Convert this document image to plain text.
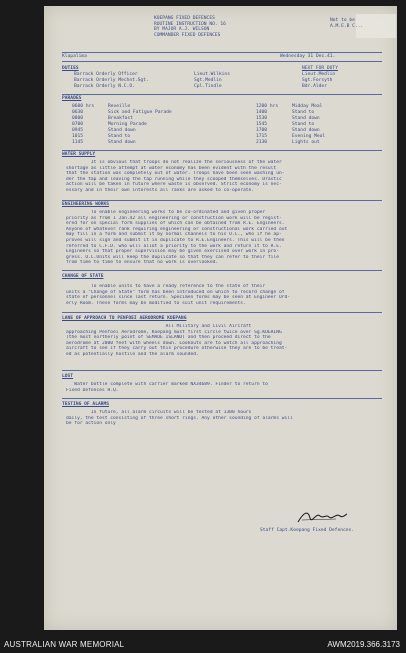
KOEPANG FIXED DEFENCES
ROUTINE INSTRUCTION NO. 16
BY MAJOR A.J. WILSON
COMMANDER FIXED DEFENCES
Not to be
A.M.E.B C...
Klapalima	Wednesday 31 Dec.41.
DUTIES	NEXT FOR DUTY
Barrack Orderly Officer	Lieut.Wilkins	Lieut.Medlin
Barrack Orderly Mechnt.Sgt.	Sgt.Medlin	Sgt.Forsyth
Barrack Orderly N.C.O.	Cpl.Tindle	Bdr.Alder
PARADES
0600 hrs	Reveille
0630	Sick and Fatigue Parade
0800	Breakfast
0700	Morning Parade
0945	Stand down
1015	Stand to
1145	Stand down
1200 hrs	Midday Meal
1400	Stand to
1530	Stand down
1545	Stand to
1700	Stand down
1715	Evening Meal
2130	Lights out
WATER SUPPLY
It is obvious that troops do not realize the seriousness of the water
shortage as little attempt at water economy has been evident with the result
that the station was completely out of water. Troops have been seen washing un-
der the tap and leaving the tap running while they scooped themselves. Drastic
action will be taken in future where waste is observed. Strict economy is nec-
essary and in their own interests all ranks are asked to co-operate.
ENGINEERING WORKS
To enable engineering works to be co-ordinated and given proper
priority as from 1 Jan.42 all engineering or construction work will be regist-
ered for on special form supplies of which can be obtained from R.E. Engineers.
Anyone of whatever rank requiring engineering or constructional work carried out
may fill in a form and submit it by normal channels to his O.C., who if he ap-
proves will sign and submit it in duplicate to R.E.Engineers. This will be then
referred to C.F.D. who will allot a priority to the work and return it to R.E.
Engineers so that proper supervision may be given exercised over work in pro-
gress. O.C.Units will keep the duplicate so that they can refer to their file
from time to time to ensure that no work is overlooked.
CHANGE OF STATE
To enable units to have a ready reference to the state of their
units a "Change of State" form has been introduced on which to record change of
state of personnel since last return. Specimen forms may be seen at Engineer Ord-
erly Room. These forms may be modified to suit unit requirements.
LANE OF APPROACH TO PENFOEI AERODROME KOEPANG
All Military and Civil Aircraft
approaching Penfoei Aerodrome, Koepang must first circle twice over Sg.KOERING
(the most northerly point of SEMAOE ISLAND) and then proceed direct to the
aerodrome at 2000 feet with wheels down. Lookouts are to watch all approaching
aircraft to see if they carry out this procedure otherwise they are to be treat-
ed as potentially hostile and the alarm sounded.
LOST
Water bottle complete with carrier marked NX34689. Finder to return to
Fixed Defences H.Q.
TESTING OF ALARMS
In future, all alarm circuits will be tested at 1300 hours
daily, the test consisting of three short rings. Any other sounding of alarms will
be for action only
Staff Capt.Koepang Fixed Defences.
AUSTRALIAN WAR MEMORIAL	AWM2019.366.3173
